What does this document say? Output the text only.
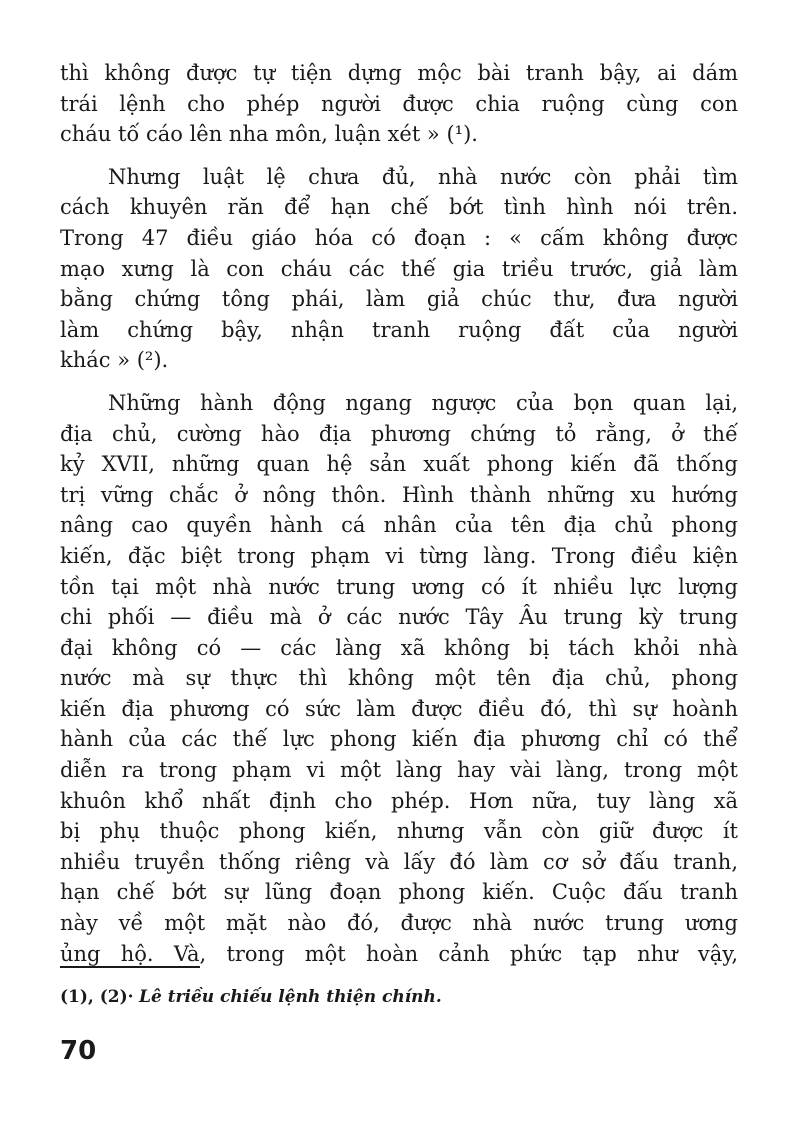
thì không được tự tiện dựng mộc bài tranh bậy, ai dám
trái lệnh cho phép người được chia ruộng cùng con
cháu tố cáo lên nha môn, luận xét » (¹).
Nhưng luật lệ chưa đủ, nhà nước còn phải tìm
cách khuyên răn để hạn chế bớt tình hình nói trên.
Trong 47 điều giáo hóa có đoạn : « cấm không được
mạo xưng là con cháu các thế gia triều trước, giả làm
bằng chứng tông phái, làm giả chúc thư, đưa người
làm chứng bậy, nhận tranh ruộng đất của người
khác » (²).
Những hành động ngang ngược của bọn quan lại,
địa chủ, cường hào địa phương chứng tỏ rằng, ở thế
kỷ XVII, những quan hệ sản xuất phong kiến đã thống
trị vững chắc ở nông thôn. Hình thành những xu hướng
nâng cao quyền hành cá nhân của tên địa chủ phong
kiến, đặc biệt trong phạm vi từng làng. Trong điều kiện
tồn tại một nhà nước trung ương có ít nhiều lực lượng
chi phối — điều mà ở các nước Tây Âu trung kỳ trung
đại không có — các làng xã không bị tách khỏi nhà
nước mà sự thực thì không một tên địa chủ, phong
kiến địa phương có sức làm được điều đó, thì sự hoành
hành của các thế lực phong kiến địa phương chỉ có thể
diễn ra trong phạm vi một làng hay vài làng, trong một
khuôn khổ nhất định cho phép. Hơn nữa, tuy làng xã
bị phụ thuộc phong kiến, nhưng vẫn còn giữ được ít
nhiều truyền thống riêng và lấy đó làm cơ sở đấu tranh,
hạn chế bớt sự lũng đoạn phong kiến. Cuộc đấu tranh
này về một mặt nào đó, được nhà nước trung ương
ủng hộ. Và, trong một hoàn cảnh phức tạp như vậy,
(1), (2)· Lê triều chiếu lệnh thiện chính.
70
